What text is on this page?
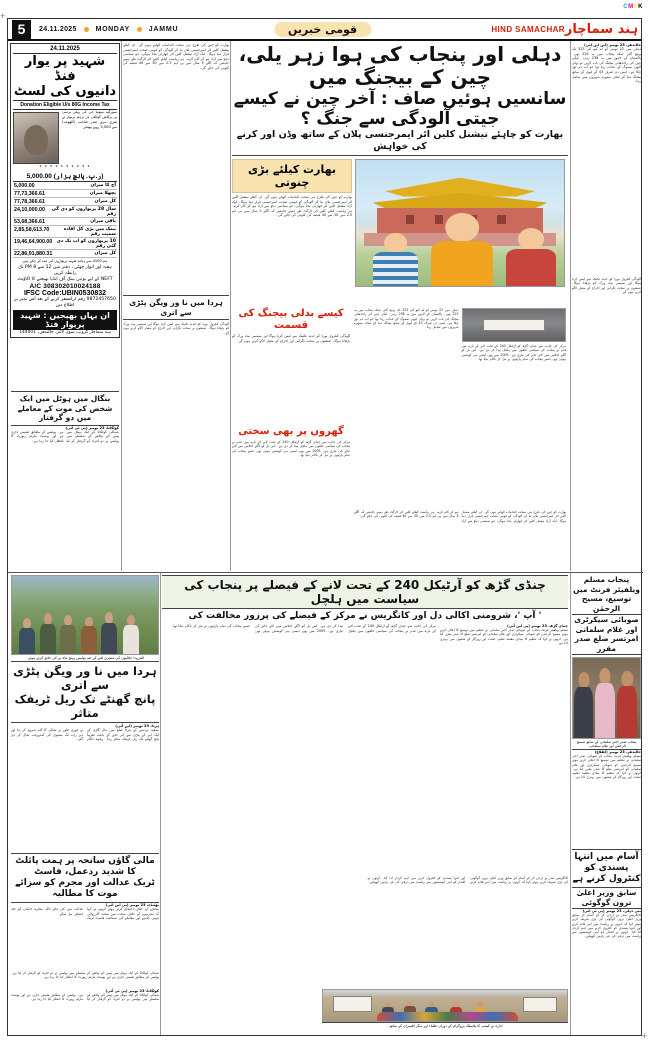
+
+
CMYK
5	24.11.2025	MONDAY	JAMMU	قومی خبریں	HIND SAMACHAR ہند سماچار
24.11.2025
شہید پر یوار فنڈ
دانیوں کی لسٹ
Donation Eligible U/s 80G Income Tax
سورگیہ سونیا جی کی پہلی برسی پر پرکاش کوالٹی بار برہم پریوار نے شری ہری مندر صاحب (کٹھوعہ) سے 5,000 روپے بھیجے
* * * * * * * * * *
5,000.00 (ر.پ. پانچ ہزار)
5,000.00	آج کا میزان
77,73,366.61	پچھلا میزان
77,78,366.61	کل میزان
24,10,000.00	سال 28 پریواروں کو دی گی رقم
53,68,366.61	باقی میزان
2,85,58,613.70	بینک میں پڑی کل افادہ سمیت رقم
19,46,64,900.00 10 پریواروں کو اب تک دی گئی رقم
22,86,91,880.31	کل میزان
ہم 4100 سے زیادہ شہید پریواروں کی مدد کر چکے ہیں
ہفتہ اور اتوار چھٹی۔ دفتر میں 12 سے 8 PM تک رابطہ کریں
NEFT کے لیے یونین بینک آف انڈیا بھیجنے کا اکاؤنٹ
A/C 308302010024188
IFSC Code:UBIN0530832
9872457650 رقم ٹرانسفر کرنے کے بعد اس نمبر پر اطلاع دیں
ان یہاں بھیجیں : شہید پریوار فنڈ
ہند سماچار گروپ، سول لائنز، جالندھر۔ 144001
بنگال میں ہوٹل میں ایک شخص کی موت کے معاملے میں دو گرفتار
کولکاتا، 23 نومبر (پی ٹی آئی)
شمالی کولکاتا کے ایک ہوٹل میں پیش آئے واقعے کے سلسلے میں پولیس نے دو افراد کو گرفتار کر لیا ہے۔ پولیس کے مطابق تفتیش جاری ہے اور پوسٹ مارٹم رپورٹ کا انتظار کیا جا رہا ہے۔
بھارت کو چین کی طرح ہی سخت اقدامات اٹھانے ہوں گے۔ ان کیلئے نیشنل کلین ائر ایمرجنسی پلان بنا کر آلودگی کو قومی صحت ایمرجنسی قرار دینا ہوگا۔ ایک آزاد نیشنل کلین ائر اتھارٹی بنانا ہوگی، جو سیاسی دباؤ سے آزاد ہو کر کام کرے۔ ہر ریاست کیلئے کلین ائر ٹارگٹ طے ہونے چاہئیں کہ اگلے 5 سال میں پی ایم 2.5 میں 30 سے 40 فیصد کی کٹوتی کی جائے گی۔
ہردا میں نا ور ویگن پٹڑی سے اتری
آلودگی کنٹرول بورڈ کو جدید تکنیک سے لیس کرنا ہوگا اور سینسر نیٹ ورک کو بڑھانا ہوگا۔ صنعتوں پر سخت نگرانی اور اخراج کے معیار لاگو کرنے ہوں گے۔
دہلی اور پنجاب کی ہوا زہر یلی، چین کے بیجنگ میں
سانسیں ہوئیں صاف : آخر چین نے کیسے جیتی آلودگی سے جنگ ؟
بھارت کو چاہئے نیشنل کلین ائر ایمرجنسی پلان کے ساتھ وڈن اور کرنے کی خواہش
بھارت کیلئے بڑی چنوتی
بھارت کو چین کی طرح ہی سخت اقدامات اٹھانے ہوں گے۔ ان کیلئے نیشنل کلین ائر ایمرجنسی پلان بنا کر آلودگی کو قومی صحت ایمرجنسی قرار دینا ہوگا۔ ایک آزاد نیشنل کلین ائر اتھارٹی بنانا ہوگی، جو سیاسی دباؤ سے آزاد ہو کر کام کرے۔ ہر ریاست کیلئے کلین ائر ٹارگٹ طے ہونے چاہئیں کہ اگلے 5 سال میں پی ایم 2.5 میں 30 سے 40 فیصد کی کٹوتی کی جائے گی۔
کیسے بدلی بیجنگ کی قسمت
آلودگی کنٹرول بورڈ کو جدید تکنیک سے لیس کرنا ہوگا اور سینسر نیٹ ورک کو بڑھانا ہوگا۔ صنعتوں پر سخت نگرانی اور اخراج کے معیار لاگو کرنے ہوں گے۔
گھروں پر بھی سختی
مرکز کی جانب سے چنڈی گڑھ کو آرٹیکل 240 کے تحت لانے کے بارے میں قدم نے پنجاب کی سیاسی حلقوں میں ہلچل پیدا کر دی ہے۔ اس بل کو اگلے اجلاس میں لائے جانے کی تیاری ہے۔ 2005 میں بھی ایسی ہی کوشش ہوئی تھی جسے پنجاب کی تمام پارٹیوں نے مل کر ناکام بنایا تھا۔
دہلی میں 22 نومبر کو اے کیو آئی 323 تک پہنچ گئی جبکہ پنجاب میں یہ 225 تھی۔ پاکستان کے لاہور میں یہ 238 رہی۔ لیکن چین کی راجدھانی بیجنگ کی بات کریں تو یہاں کبھی سموگ کے عذاب رہا تھا جو اب دم توڑ چکا ہے۔ اسی دن صرف 43 کے لیول کے ساتھ بیجنگ دنیا کے صاف ستھرے شہروں میں شامل رہا۔
مرکز کی جانب سے چنڈی گڑھ کو آرٹیکل 240 کے تحت لانے کے بارے میں قدم نے پنجاب کی سیاسی حلقوں میں ہلچل پیدا کر دی ہے۔ اس بل کو اگلے اجلاس میں لائے جانے کی تیاری ہے۔ 2005 میں بھی ایسی ہی کوشش ہوئی تھی جسے پنجاب کی تمام پارٹیوں نے مل کر ناکام بنایا تھا۔
بھارت کو چین کی طرح ہی سخت اقدامات اٹھانے ہوں گے۔ ان کیلئے نیشنل کلین ائر ایمرجنسی پلان بنا کر آلودگی کو قومی صحت ایمرجنسی قرار دینا ہوگا۔ ایک آزاد نیشنل کلین ائر اتھارٹی بنانا ہوگی، جو سیاسی دباؤ سے آزاد ہو کر کام کرے۔ ہر ریاست کیلئے کلین ائر ٹارگٹ طے ہونے چاہئیں کہ اگلے 5 سال میں پی ایم 2.5 میں 30 سے 40 فیصد کی کٹوتی کی جائے گی۔
جالندھر، 23 نومبر (این این آئی)
دہلی میں 22 نومبر کو اے کیو آئی 323 تک پہنچ گئی جبکہ پنجاب میں یہ 225 تھی۔ پاکستان کے لاہور میں یہ 238 رہی۔ لیکن چین کی راجدھانی بیجنگ کی بات کریں تو یہاں کبھی سموگ کے عذاب رہا تھا جو اب دم توڑ چکا ہے۔ اسی دن صرف 43 کے لیول کے ساتھ بیجنگ دنیا کے صاف ستھرے شہروں میں شامل رہا۔
آلودگی کنٹرول بورڈ کو جدید تکنیک سے لیس کرنا ہوگا اور سینسر نیٹ ورک کو بڑھانا ہوگا۔ صنعتوں پر سخت نگرانی اور اخراج کے معیار لاگو کرنے ہوں گے۔
المرودا جلالیوں کی منجری لٹنے کے بعد پولیس پہنچ ماہ نے کی جانچ کرتے ہوئے۔
ہردا میں نا ور ویگن پٹڑی سے اتری
پانچ گھنٹے تک ریل ٹریفک متاثر
ہردا، 23 نومبر (این آئی)
مدھیہ پردیش کے ہردا ضلع میں مال گاڑی کے ایک ڈبے کے پٹڑی سے اتر جانے کے باعث تقریباً پانچ گھنٹے تک ریل ٹریفک متاثر رہا۔ ریلوے حکام نے فوری طور پر بحالی کا کام شروع کر دیا اور دیر رات تک معمول کی آمدورفت بحال کر دی گئی۔
مالی گاؤں سانحہ پر ہمت پائلٹ کا شدید ردعمل، فاسٹ
ٹریک عدالت اور مجرم کو سزائے موت کا مطالبہ
بھٹنڈہ، 23 نومبر (پی این آئی)
سانحے کے خلاف احتجاج کرتے ہوئے انہوں نے کہا کہ مجرموں کے خلاف سخت سے سخت کارروائی ہونی چاہیے اور معاملے کی سماعت فاسٹ ٹریک عدالت میں کی جائے تاکہ متاثرہ خاندان کو جلد انصاف مل سکے۔
شمالی کولکاتا کے ایک ہوٹل میں پیش آئے واقعے کے سلسلے میں پولیس نے دو افراد کو گرفتار کر لیا ہے۔ پولیس کے مطابق تفتیش جاری ہے اور پوسٹ مارٹم رپورٹ کا انتظار کیا جا رہا ہے۔
کولکاتا، 23 نومبر (پی ٹی آئی)
شمالی کولکاتا کے ایک ہوٹل میں پیش آئے واقعے کے سلسلے میں پولیس نے دو افراد کو گرفتار کر لیا ہے۔ پولیس کے مطابق تفتیش جاری ہے اور پوسٹ مارٹم رپورٹ کا انتظار کیا جا رہا ہے۔
چنڈی گڑھ کو آرٹیکل 240 کے تحت لانے کے فیصلے پر پنجاب کی سیاست میں ہلچل
' آپ '، شرومنی اکالی دل اور کانگریس نے مرکز کے فیصلے کی پرزور مخالفت کی
مرکز کی جانب سے چنڈی گڑھ کو آرٹیکل 240 کے تحت لانے کے بارے میں قدم نے پنجاب کی سیاسی حلقوں میں ہلچل پیدا کر دی ہے۔ اس بل کو اگلے اجلاس میں لائے جانے کی تیاری ہے۔ 2005 میں بھی ایسی ہی کوشش ہوئی تھی جسے پنجاب کی تمام پارٹیوں نے مل کر ناکام بنایا تھا۔	چنڈی گڑھ، 23 نومبر (پی این آئی)
مسلم ویلفیئر فرنٹ پنجاب کے صوبائی صدر اختر سلمانی نے تنظیم میں توسیع کا اعلان کرتے ہوئے مسیح الرحمٰن کو صوبائی سیکرٹری اور غلام سلمانی کو امرتسر ضلع کا صدر مقرر کیا ہے۔ انہوں نے کہا کہ تنظیم کا بنیادی مقصد تعلیم، صحت اور روزگار کے شعبوں میں بہتری لانا ہے۔
کانگریس صدر نے ارجن کر کے آسام کے سابق وزیر اعلیٰ ترون گوگوئی کی بڑی تعریف کرتے ہوئے کہا کہ انہوں نے ریاست میں امن قائم کرنے اور انتہا پسندی کو کنٹرول کرنے میں اہم کردار ادا کیا۔ انہوں نے اقتدار کو اپنی کوششوں سے ریاست میں ترقی کی نئی راہیں کھولیں۔
ادارہ نے کیمپ کا پلاسٹک پروگرام کے دوران طلباء اور دیگر افسران کے ساتھ۔
پنجاب مسلم ویلفیئر فرنٹ میں توسیع، مسیح الرحمٰن
صوبائی سیکرٹری اور غلام سلمانی امرتسر ضلع صدر مقرر
پنجاب صدر اختر سلمانی کے ساتھ مسیح الرحمٰن اور غلام سلمانی۔
جالندھر، 23 نومبر (اطلاع)
مسلم ویلفیئر فرنٹ پنجاب کے صوبائی صدر اختر سلمانی نے تنظیم میں توسیع کا اعلان کرتے ہوئے مسیح الرحمٰن کو صوبائی سیکرٹری اور غلام سلمانی کو امرتسر ضلع کا صدر مقرر کیا ہے۔ انہوں نے کہا کہ تنظیم کا بنیادی مقصد تعلیم، صحت اور روزگار کے شعبوں میں بہتری لانا ہے۔
آسام میں انتہا پسندی کو کنٹرول کرنے ہے
سابق وزیر اعلیٰ ترون گوگوئی
نئی دہلی، 23 نومبر (پی ٹی آئی)
کانگریس صدر نے ارجن کر کے آسام کے سابق وزیر اعلیٰ ترون گوگوئی کی بڑی تعریف کرتے ہوئے کہا کہ انہوں نے ریاست میں امن قائم کرنے اور انتہا پسندی کو کنٹرول کرنے میں اہم کردار ادا کیا۔ انہوں نے اقتدار کو اپنی کوششوں سے ریاست میں ترقی کی نئی راہیں کھولیں۔
